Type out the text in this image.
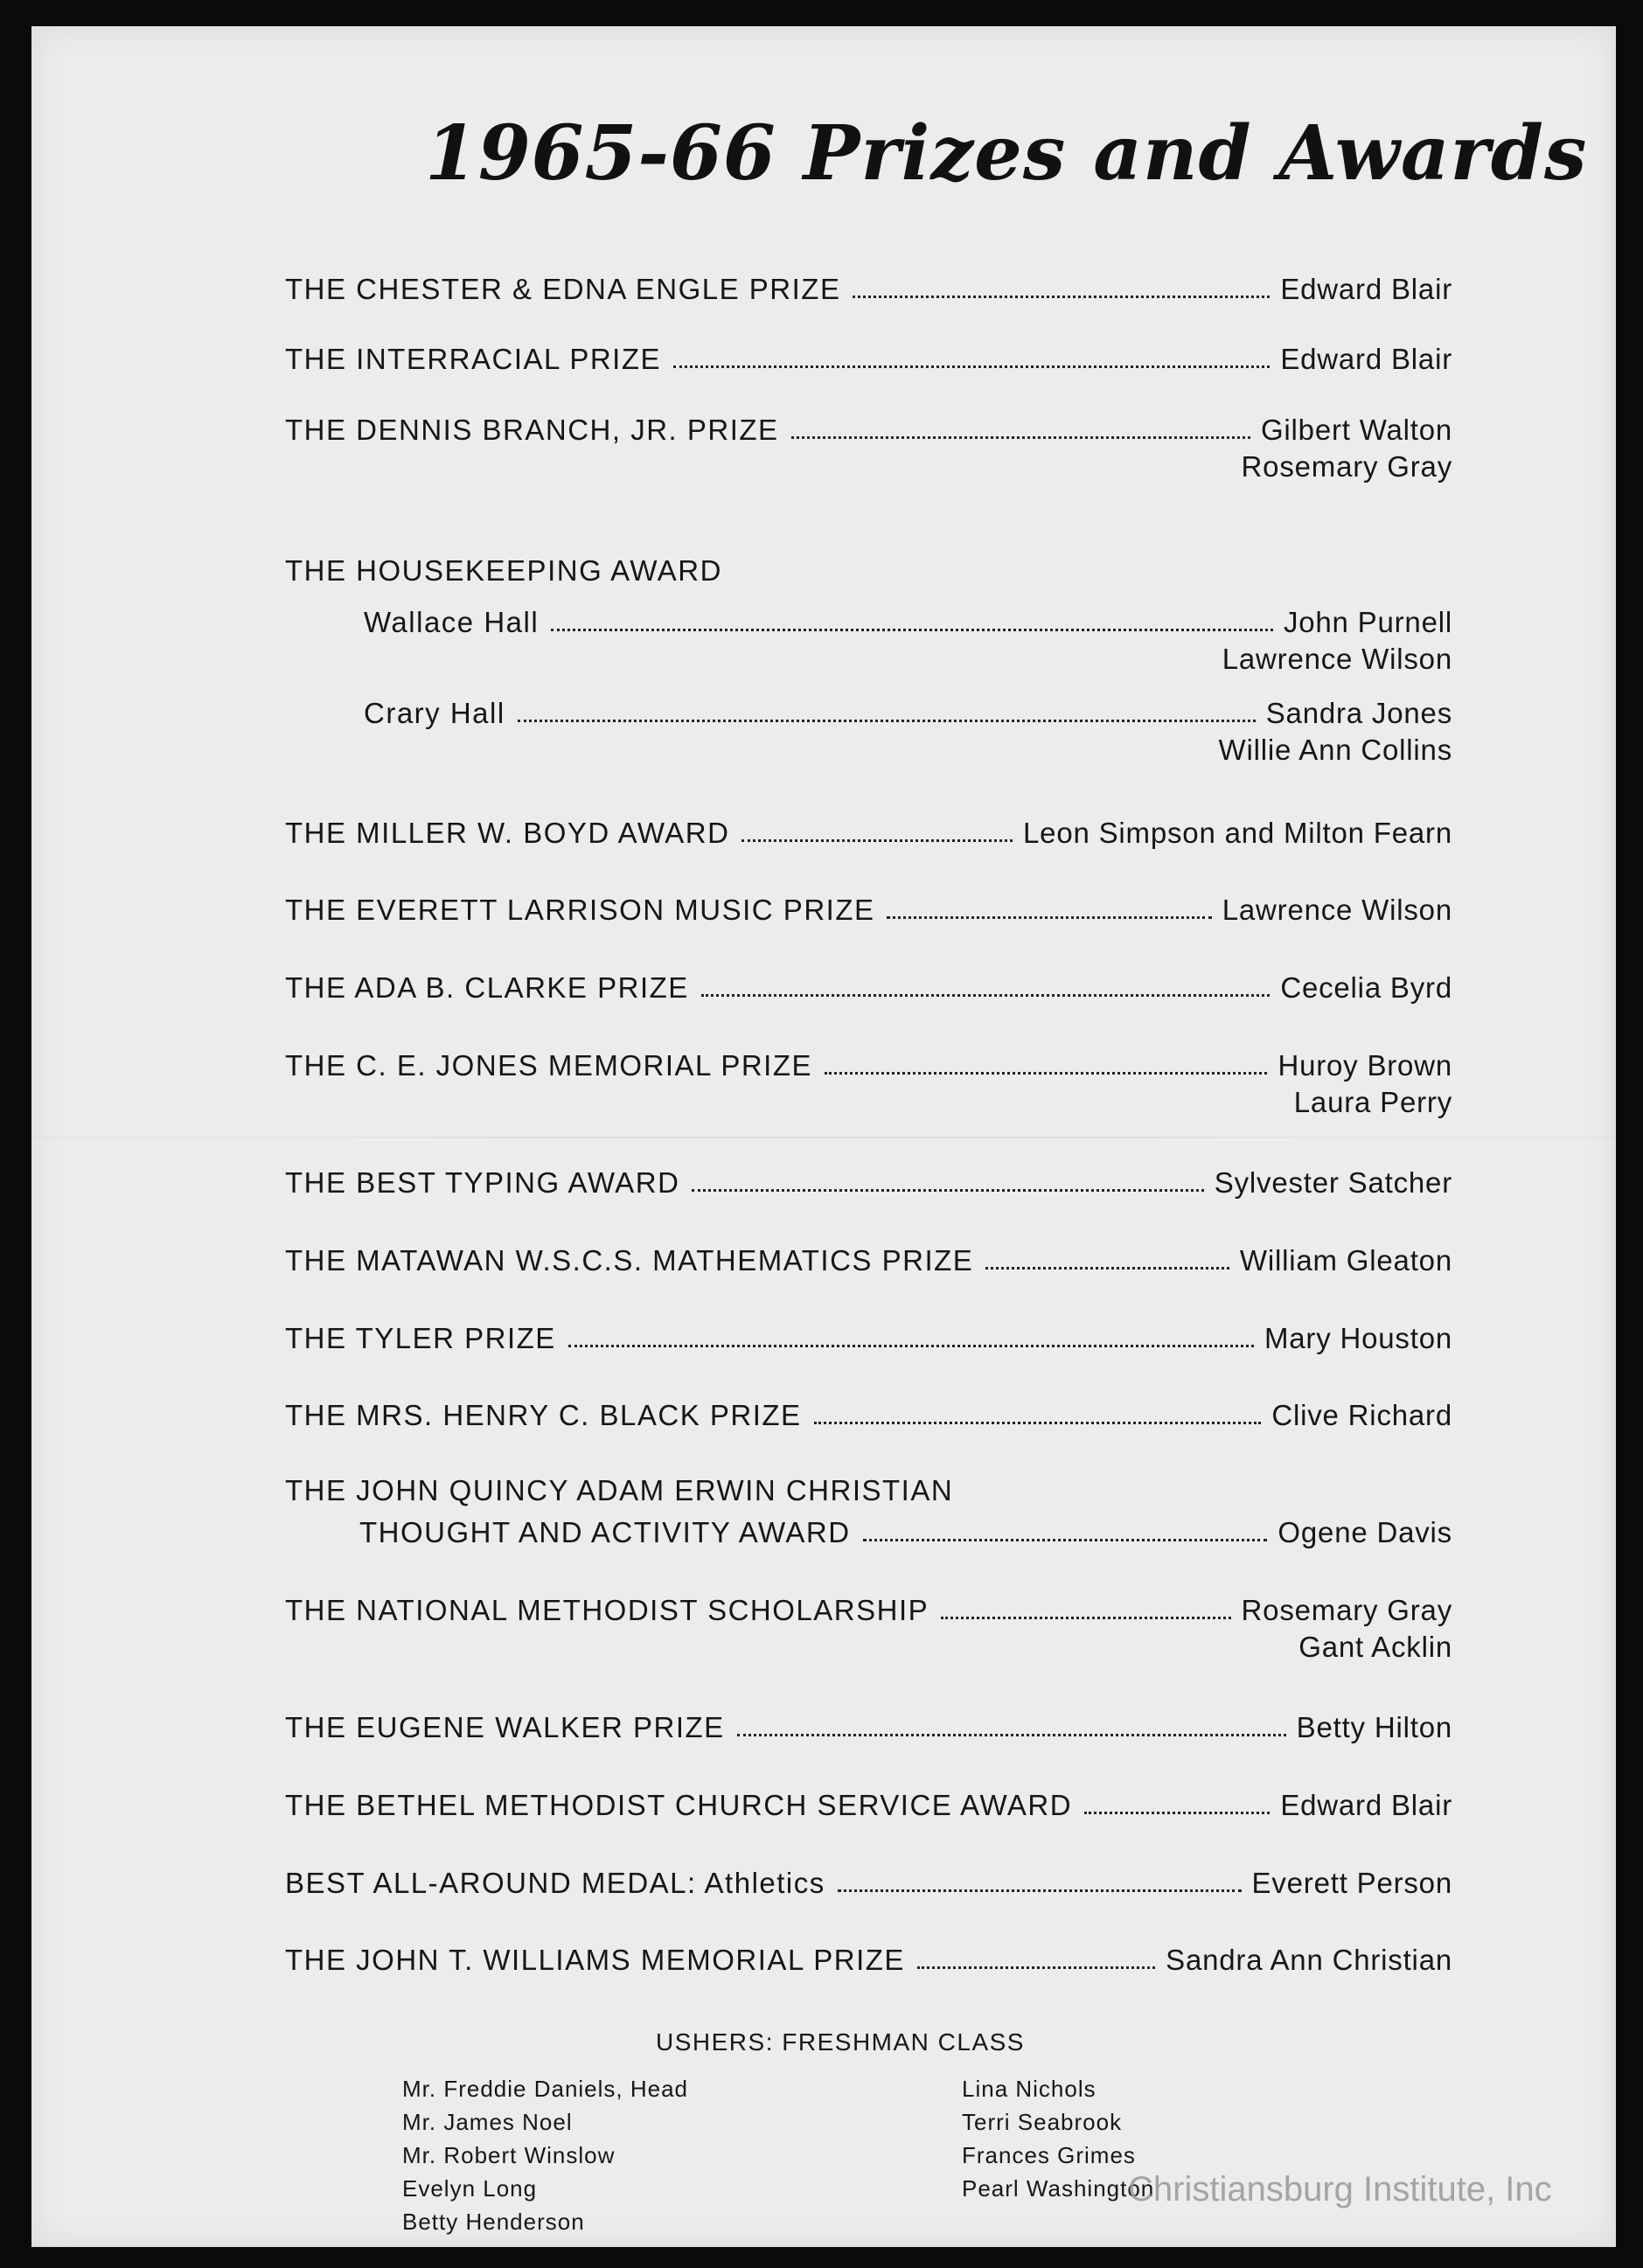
1965-66 Prizes and Awards
THE CHESTER & EDNA ENGLE PRIZE	Edward Blair
THE INTERRACIAL PRIZE	Edward Blair
THE DENNIS BRANCH, JR. PRIZE	Gilbert Walton
Rosemary Gray
THE HOUSEKEEPING AWARD
Wallace Hall	John Purnell
Lawrence Wilson
Crary Hall	Sandra Jones
Willie Ann Collins
THE MILLER W. BOYD AWARD	Leon Simpson and Milton Fearn
THE EVERETT LARRISON MUSIC PRIZE	Lawrence Wilson
THE ADA B. CLARKE PRIZE	Cecelia Byrd
THE C. E. JONES MEMORIAL PRIZE	Huroy Brown
Laura Perry
THE BEST TYPING AWARD	Sylvester Satcher
THE MATAWAN W.S.C.S. MATHEMATICS PRIZE	William Gleaton
THE TYLER PRIZE	Mary Houston
THE MRS. HENRY C. BLACK PRIZE	Clive Richard
THE JOHN QUINCY ADAM ERWIN CHRISTIAN
THOUGHT AND ACTIVITY AWARD	Ogene Davis
THE NATIONAL METHODIST SCHOLARSHIP	Rosemary Gray
Gant Acklin
THE EUGENE WALKER PRIZE	Betty Hilton
THE BETHEL METHODIST CHURCH SERVICE AWARD	Edward Blair
BEST ALL-AROUND MEDAL: Athletics	Everett Person
THE JOHN T. WILLIAMS MEMORIAL PRIZE	Sandra Ann Christian
USHERS: FRESHMAN CLASS
Mr. Freddie Daniels, Head
Mr. James Noel
Mr. Robert Winslow
Evelyn Long
Betty Henderson
Lina Nichols
Terri Seabrook
Frances Grimes
Pearl Washington
Christiansburg Institute, Inc
